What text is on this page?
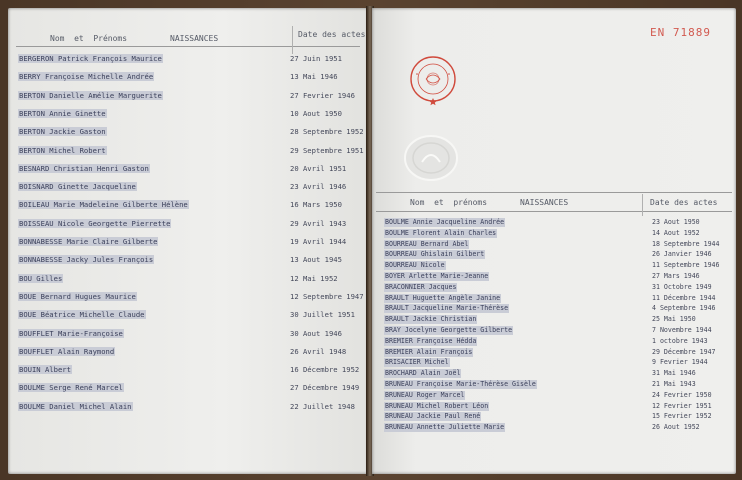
Nom  et  Prénoms	NAISSANCES	Date des actes
BERGERON Patrick François Maurice	27 Juin 1951
BERRY Françoise Michelle Andrée	13 Mai 1946
BERTON Danielle Amélie Marguerite	27 Fevrier 1946
BERTON Annie Ginette	10 Aout 1950
BERTON Jackie Gaston	28 Septembre 1952
BERTON Michel Robert	29 Septembre 1951
BESNARD Christian Henri Gaston	20 Avril 1951
BOISNARD Ginette Jacqueline	23 Avril 1946
BOILEAU Marie Madeleine Gilberte Hélène	16 Mars 1950
BOISSEAU Nicole Georgette Pierrette	29 Avril 1943
BONNABESSE Marie Claire Gilberte	19 Avril 1944
BONNABESSE Jacky Jules François	13 Aout 1945
BOU Gilles	12 Mai 1952
BOUE Bernard Hugues Maurice	12 Septembre 1947
BOUE Béatrice Michelle Claude	30 Juillet 1951
BOUFFLET Marie-Françoise	30 Aout 1946
BOUFFLET Alain Raymond	26 Avril 1948
BOUIN Albert	16 Décembre 1952
BOULME Serge René Marcel	27 Décembre 1949
BOULME Daniel Michel Alain	22 Juillet 1948
EN 71889
Nom  et  prénoms	NAISSANCES	Date des actes
BOULME Annie Jacqueline Andrée	23 Aout 1950
BOULME Florent Alain Charles	14 Aout 1952
BOURREAU Bernard Abel	18 Septembre 1944
BOURREAU Ghislain Gilbert	26 Janvier 1946
BOURREAU Nicole	11 Septembre 1946
BOYER Arlette Marie-Jeanne	27 Mars 1946
BRACONNIER Jacques	31 Octobre 1949
BRAULT Huguette Angèle Janine	11 Décembre 1944
BRAULT Jacqueline Marie-Thérèse	4 Septembre 1946
BRAULT Jackie Christian	25 Mai 1950
BRAY Jocelyne Georgette Gilberte	7 Novembre 1944
BREMIER Françoise Hédda	1 octobre 1943
BREMIER Alain François	29 Décembre 1947
BRISACIER Michel	9 Fevrier 1944
BROCHARD Alain Joël	31 Mai 1946
BRUNEAU Françoise Marie-Thérèse Gisèle	21 Mai 1943
BRUNEAU Roger Marcel	24 Fevrier 1950
BRUNEAU Michel Robert Léon	12 Fevrier 1951
BRUNEAU Jackie Paul René	15 Fevrier 1952
BRUNEAU Annette Juliette Marie	26 Aout 1952
